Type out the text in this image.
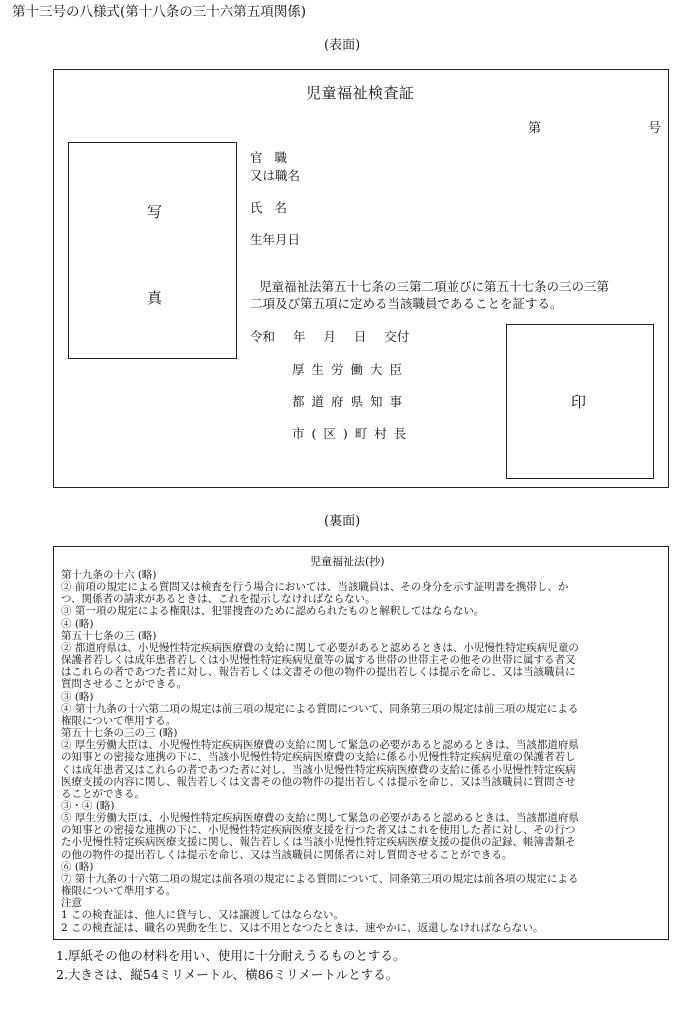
第十三号の八様式(第十八条の三十六第五項関係)
(表面)
児童福祉検査証
第	号
写
真
官職
又は職名
氏名
生年月日
児童福祉法第五十七条の三第二項並びに第五十七条の三の三第
二項及び第五項に定める当該職員であることを証する。
令和 年 月 日 交付
厚生労働大臣
都道府県知事
市(区)町村長
印
(裏面)
児童福祉法(抄)
第十九条の十六 (略)
② 前項の規定による質問又は検査を行う場合においては、当該職員は、その身分を示す証明書を携帯し、か
つ、関係者の請求があるときは、これを提示しなければならない。
③ 第一項の規定による権限は、犯罪捜査のために認められたものと解釈してはならない。
④ (略)
第五十七条の三 (略)
② 都道府県は、小児慢性特定疾病医療費の支給に関して必要があると認めるときは、小児慢性特定疾病児童の
保護者若しくは成年患者若しくは小児慢性特定疾病児童等の属する世帯の世帯主その他その世帯に属する者又
はこれらの者であつた者に対し、報告若しくは文書その他の物件の提出若しくは提示を命じ、又は当該職員に
質問させることができる。
③ (略)
④ 第十九条の十六第二項の規定は前三項の規定による質問について、同条第三項の規定は前三項の規定による
権限について準用する。
第五十七条の三の三 (略)
② 厚生労働大臣は、小児慢性特定疾病医療費の支給に関して緊急の必要があると認めるときは、当該都道府県
の知事との密接な連携の下に、当該小児慢性特定疾病医療費の支給に係る小児慢性特定疾病児童の保護者若し
くは成年患者又はこれらの者であつた者に対し、当該小児慢性特定疾病医療費の支給に係る小児慢性特定疾病
医療支援の内容に関し、報告若しくは文書その他の物件の提出若しくは提示を命じ、又は当該職員に質問させ
ることができる。
③・④ (略)
⑤ 厚生労働大臣は、小児慢性特定疾病医療費の支給に関して緊急の必要があると認めるときは、当該都道府県
の知事との密接な連携の下に、小児慢性特定疾病医療支援を行つた者又はこれを使用した者に対し、その行つ
た小児慢性特定疾病医療支援に関し、報告若しくは当該小児慢性特定疾病医療支援の提供の記録、帳簿書類そ
の他の物件の提出若しくは提示を命じ、又は当該職員に関係者に対し質問させることができる。
⑥ (略)
⑦ 第十九条の十六第二項の規定は前各項の規定による質問について、同条第三項の規定は前各項の規定による
権限について準用する。
注意
1 この検査証は、他人に貸与し、又は譲渡してはならない。
2 この検査証は、職名の異動を生じ、又は不用となつたときは、速やかに、返還しなければならない。
1.厚紙その他の材料を用い、使用に十分耐えうるものとする。
2.大きさは、縦54ミリメートル、横86ミリメートルとする。
